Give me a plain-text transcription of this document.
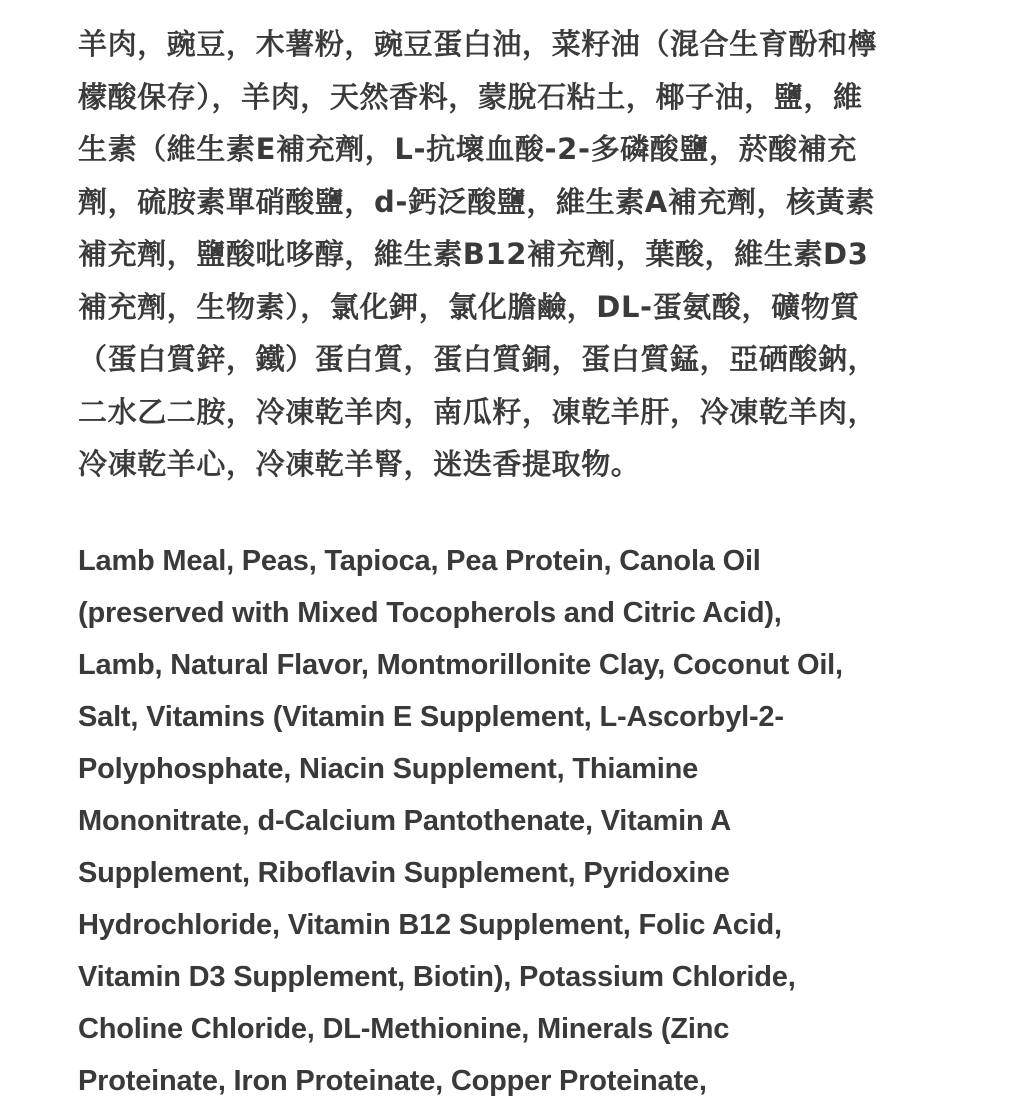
羊肉，豌豆，木薯粉，豌豆蛋白油，菜籽油（混合生育酚和檸
檬酸保存），羊肉，天然香料，蒙脫石粘土，椰子油，鹽，維
生素（維生素E補充劑，L-抗壞血酸-2-多磷酸鹽，菸酸補充
劑，硫胺素單硝酸鹽，d-鈣泛酸鹽，維生素A補充劑，核黃素
補充劑，鹽酸吡哆醇，維生素B12補充劑，葉酸，維生素D3
補充劑，生物素），氯化鉀，氯化膽鹼，DL-蛋氨酸，礦物質
（蛋白質鋅，鐵）蛋白質，蛋白質銅，蛋白質錳，亞硒酸鈉，
二水乙二胺，冷凍乾羊肉，南瓜籽，凍乾羊肝，冷凍乾羊肉，
冷凍乾羊心，冷凍乾羊腎，迷迭香提取物。
Lamb Meal, Peas, Tapioca, Pea Protein, Canola Oil
(preserved with Mixed Tocopherols and Citric Acid),
Lamb, Natural Flavor, Montmorillonite Clay, Coconut Oil,
Salt, Vitamins (Vitamin E Supplement, L-Ascorbyl-2-
Polyphosphate, Niacin Supplement, Thiamine
Mononitrate, d-Calcium Pantothenate, Vitamin A
Supplement, Riboflavin Supplement, Pyridoxine
Hydrochloride, Vitamin B12 Supplement, Folic Acid,
Vitamin D3 Supplement, Biotin), Potassium Chloride,
Choline Chloride, DL-Methionine, Minerals (Zinc
Proteinate, Iron Proteinate, Copper Proteinate,
